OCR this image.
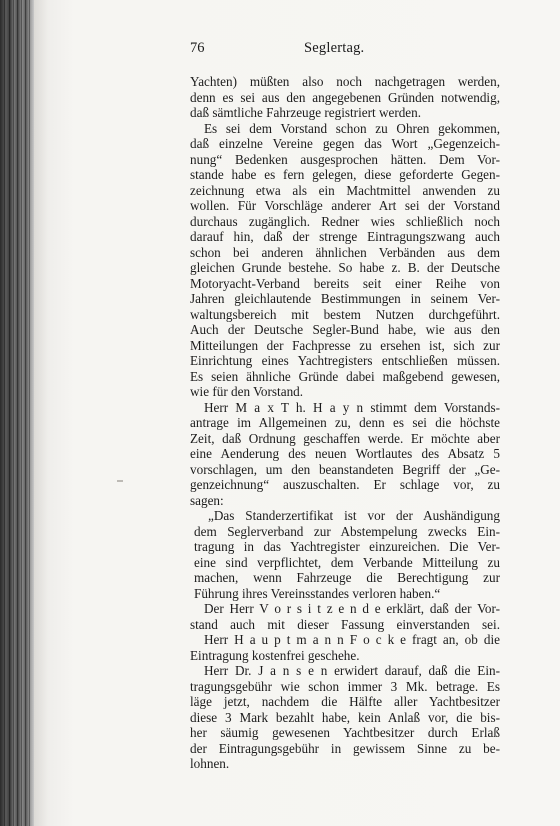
76	Seglertag.
Yachten) müßten also noch nachgetragen werden,
denn es sei aus den angegebenen Gründen notwendig,
daß sämtliche Fahrzeuge registriert werden.
Es sei dem Vorstand schon zu Ohren gekommen,
daß einzelne Vereine gegen das Wort „Gegenzeich-
nung“ Bedenken ausgesprochen hätten. Dem Vor-
stande habe es fern gelegen, diese geforderte Gegen-
zeichnung etwa als ein Machtmittel anwenden zu
wollen. Für Vorschläge anderer Art sei der Vorstand
durchaus zugänglich. Redner wies schließlich noch
darauf hin, daß der strenge Eintragungszwang auch
schon bei anderen ähnlichen Verbänden aus dem
gleichen Grunde bestehe. So habe z. B. der Deutsche
Motoryacht-Verband bereits seit einer Reihe von
Jahren gleichlautende Bestimmungen in seinem Ver-
waltungsbereich mit bestem Nutzen durchgeführt.
Auch der Deutsche Segler-Bund habe, wie aus den
Mitteilungen der Fachpresse zu ersehen ist, sich zur
Einrichtung eines Yachtregisters entschließen müssen.
Es seien ähnliche Gründe dabei maßgebend gewesen,
wie für den Vorstand.
Herr M a x T h. H a y n stimmt dem Vorstands-
antrage im Allgemeinen zu, denn es sei die höchste
Zeit, daß Ordnung geschaffen werde. Er möchte aber
eine Aenderung des neuen Wortlautes des Absatz 5
vorschlagen, um den beanstandeten Begriff der „Ge-
genzeichnung“ auszuschalten. Er schlage vor, zu
sagen:
„Das Standerzertifikat ist vor der Aushändigung
dem Seglerverband zur Abstempelung zwecks Ein-
tragung in das Yachtregister einzureichen. Die Ver-
eine sind verpflichtet, dem Verbande Mitteilung zu
machen, wenn Fahrzeuge die Berechtigung zur
Führung ihres Vereinsstandes verloren haben.“
Der Herr V o r s i t z e n d e erklärt, daß der Vor-
stand auch mit dieser Fassung einverstanden sei.
Herr H a u p t m a n n F o c k e fragt an, ob die
Eintragung kostenfrei geschehe.
Herr Dr. J a n s e n erwidert darauf, daß die Ein-
tragungsgebühr wie schon immer 3 Mk. betrage. Es
läge jetzt, nachdem die Hälfte aller Yachtbesitzer
diese 3 Mark bezahlt habe, kein Anlaß vor, die bis-
her säumig gewesenen Yachtbesitzer durch Erlaß
der Eintragungsgebühr in gewissem Sinne zu be-
lohnen.
